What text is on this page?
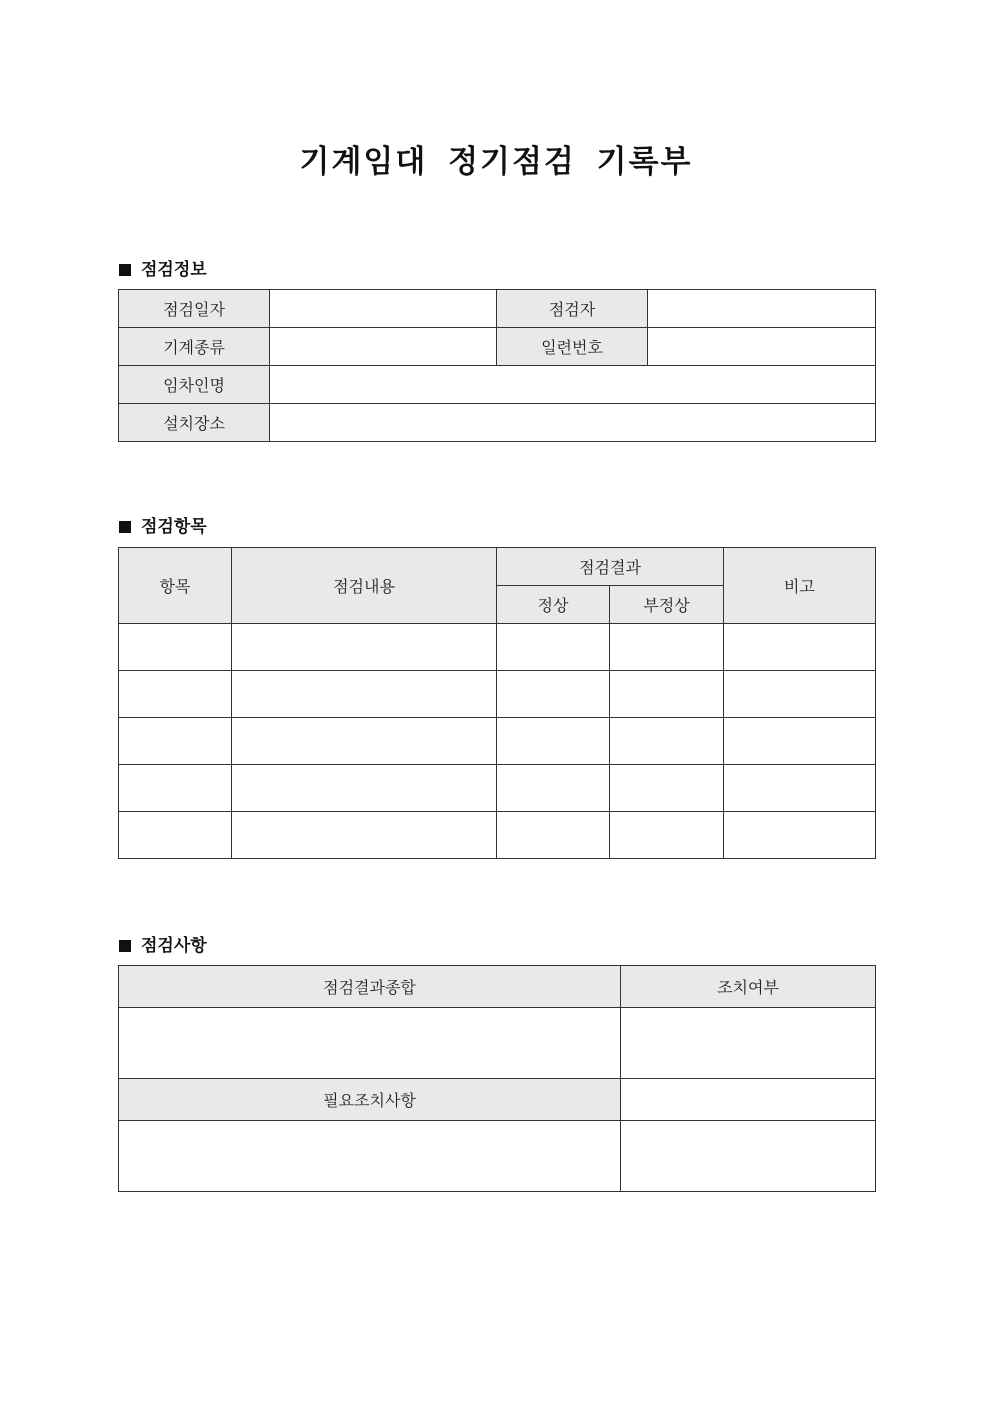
기계임대 정기점검 기록부
점검정보
점검일자		점검자	
기계종류		일련번호	
임차인명			
설치장소			
점검항목
항목	점검내용	점검결과		비고
		정상	부정상	

점검사항
점검결과종합	조치여부

필요조치사항	
